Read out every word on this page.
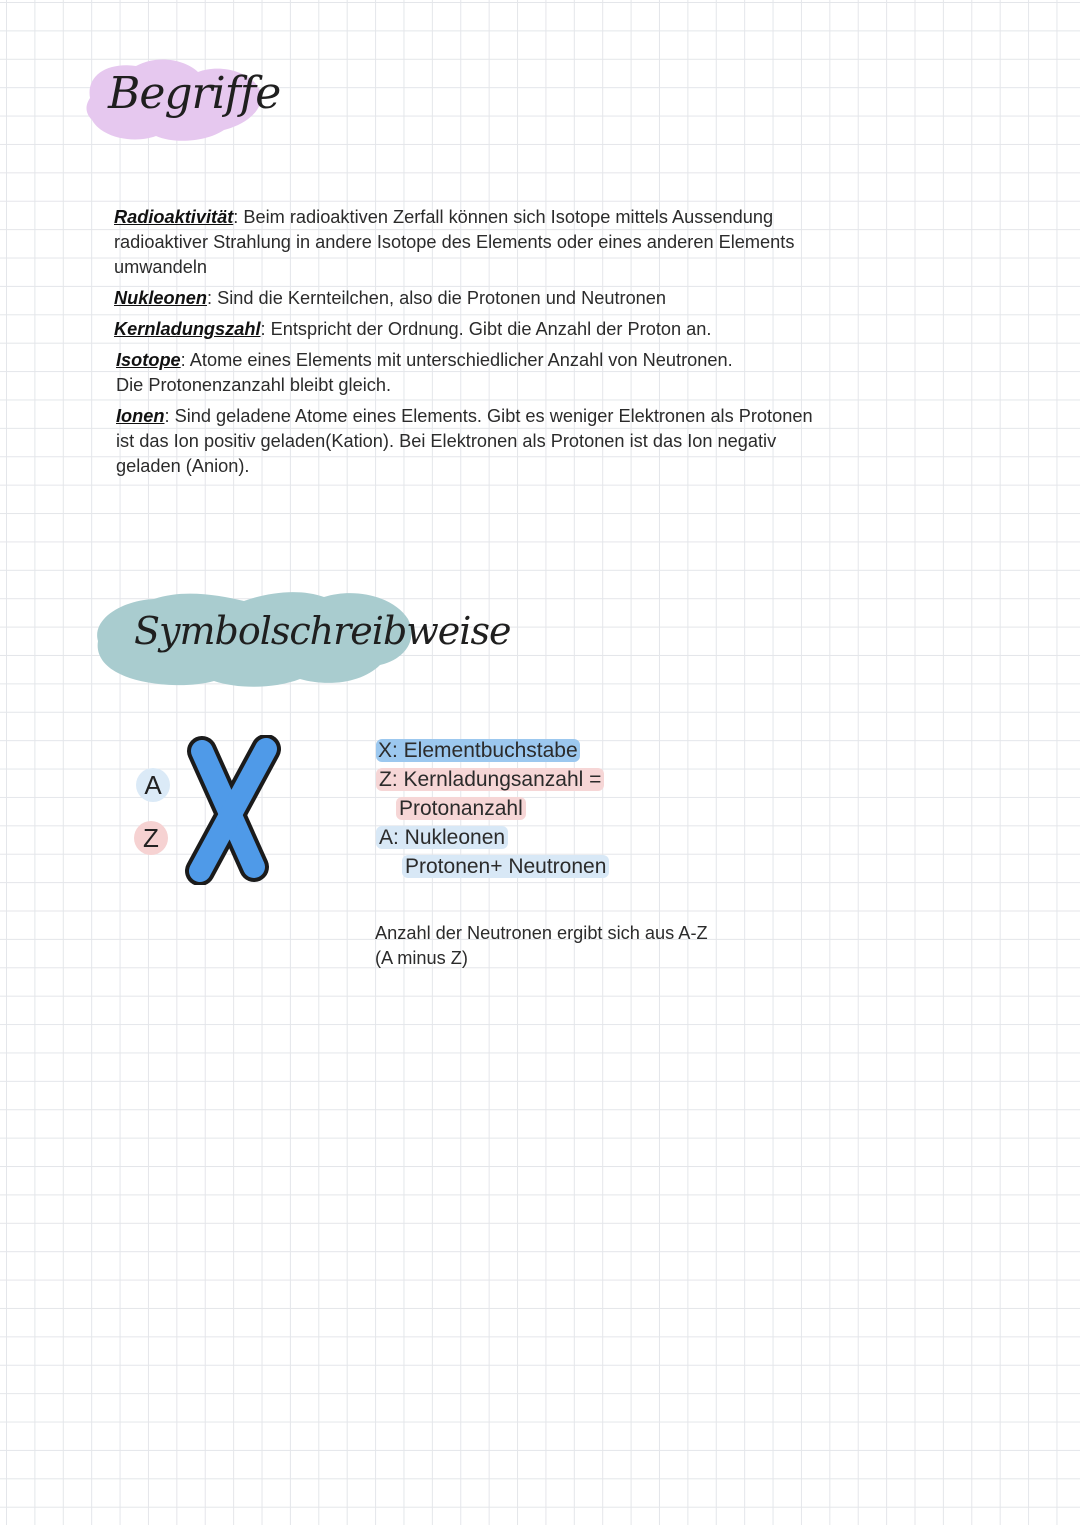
Begriffe

Radioaktivität: Beim radioaktiven Zerfall können sich Isotope mittels Aussendung radioaktiver Strahlung in andere Isotope des Elements oder eines anderen Elements umwandeln

Nukleonen: Sind die Kernteilchen, also die Protonen und Neutronen

Kernladungszahl: Entspricht der Ordnung. Gibt die Anzahl der Proton an.

Isotope: Atome eines Elements mit unterschiedlicher Anzahl von Neutronen.
Die Protonenzanzahl bleibt gleich.

Ionen: Sind geladene Atome eines Elements. Gibt es weniger Elektronen als Protonen ist das Ion positiv geladen(Kation). Bei Elektronen als Protonen ist das Ion negativ geladen (Anion).

Symbolschreibweise
A
Z
X: Elementbuchstabe
Z: Kernladungsanzahl =
Protonanzahl
A: Nukleonen
Protonen+ Neutronen
Anzahl der Neutronen ergibt sich aus A-Z
(A minus Z)
